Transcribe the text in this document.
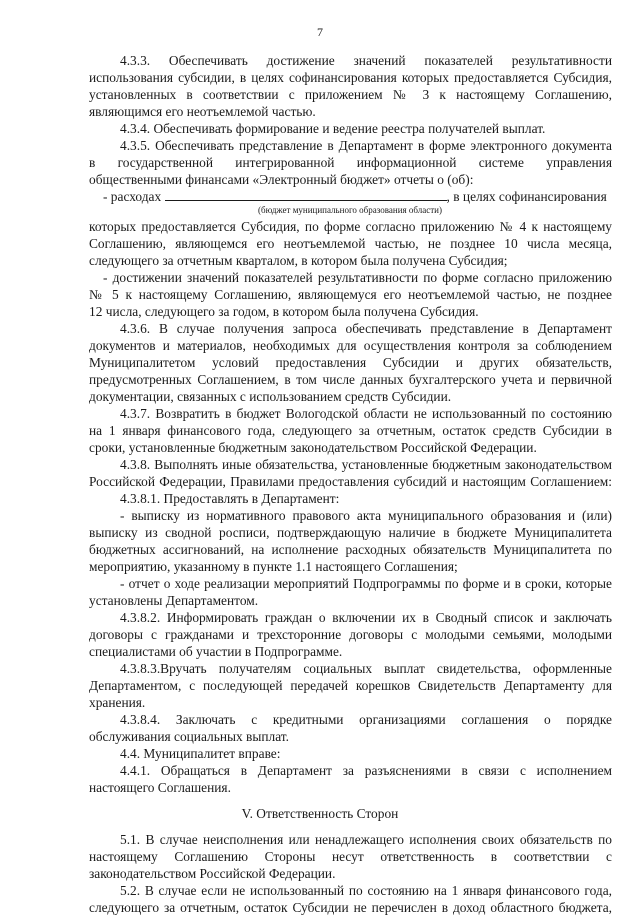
7
4.3.3. Обеспечивать достижение значений показателей результативности
использования субсидии, в целях софинансирования которых предоставляется Субсидия,
установленных в соответствии с приложением № 3 к настоящему Соглашению,
являющимся его неотъемлемой частью.
4.3.4. Обеспечивать формирование и ведение реестра получателей выплат.
4.3.5. Обеспечивать представление в Департамент в форме электронного документа
в государственной интегрированной информационной системе управления
общественными финансами «Электронный бюджет» отчеты о (об):
- расходах	, в целях софинансирования
(бюджет муниципального образования области)
которых предоставляется Субсидия, по форме согласно приложению № 4 к настоящему
Соглашению, являющемся его неотъемлемой частью, не позднее 10 числа месяца,
следующего за отчетным кварталом, в котором была получена Субсидия;
- достижении значений показателей результативности по форме согласно приложению
№ 5 к настоящему Соглашению, являющемуся его неотъемлемой частью, не позднее
12 числа, следующего за годом, в котором была получена Субсидия.
4.3.6. В случае получения запроса обеспечивать представление в Департамент
документов и материалов, необходимых для осуществления контроля за соблюдением
Муниципалитетом условий предоставления Субсидии и других обязательств,
предусмотренных Соглашением, в том числе данных бухгалтерского учета и первичной
документации, связанных с использованием средств Субсидии.
4.3.7. Возвратить в бюджет Вологодской области не использованный по состоянию
на 1 января финансового года, следующего за отчетным, остаток средств Субсидии в
сроки, установленные бюджетным законодательством Российской Федерации.
4.3.8. Выполнять иные обязательства, установленные бюджетным законодательством
Российской Федерации, Правилами предоставления субсидий и настоящим Соглашением:
4.3.8.1. Предоставлять в Департамент:
- выписку из нормативного правового акта муниципального образования и (или)
выписку из сводной росписи, подтверждающую наличие в бюджете Муниципалитета
бюджетных ассигнований, на исполнение расходных обязательств Муниципалитета по
мероприятию, указанному в пункте 1.1 настоящего Соглашения;
- отчет о ходе реализации мероприятий Подпрограммы по форме и в сроки, которые
установлены Департаментом.
4.3.8.2. Информировать граждан о включении их в Сводный список и заключать
договоры с гражданами и трехсторонние договоры с молодыми семьями, молодыми
специалистами об участии в Подпрограмме.
4.3.8.3.Вручать получателям социальных выплат свидетельства, оформленные
Департаментом, с последующей передачей корешков Свидетельств Департаменту для
хранения.
4.3.8.4. Заключать с кредитными организациями соглашения о порядке
обслуживания социальных выплат.
4.4. Муниципалитет вправе:
4.4.1. Обращаться в Департамент за разъяснениями в связи с исполнением
настоящего Соглашения.
V. Ответственность Сторон
5.1. В случае неисполнения или ненадлежащего исполнения своих обязательств по
настоящему Соглашению Стороны несут ответственность в соответствии с
законодательством Российской Федерации.
5.2. В случае если не использованный по состоянию на 1 января финансового года,
следующего за отчетным, остаток Субсидии не перечислен в доход областного бюджета,
